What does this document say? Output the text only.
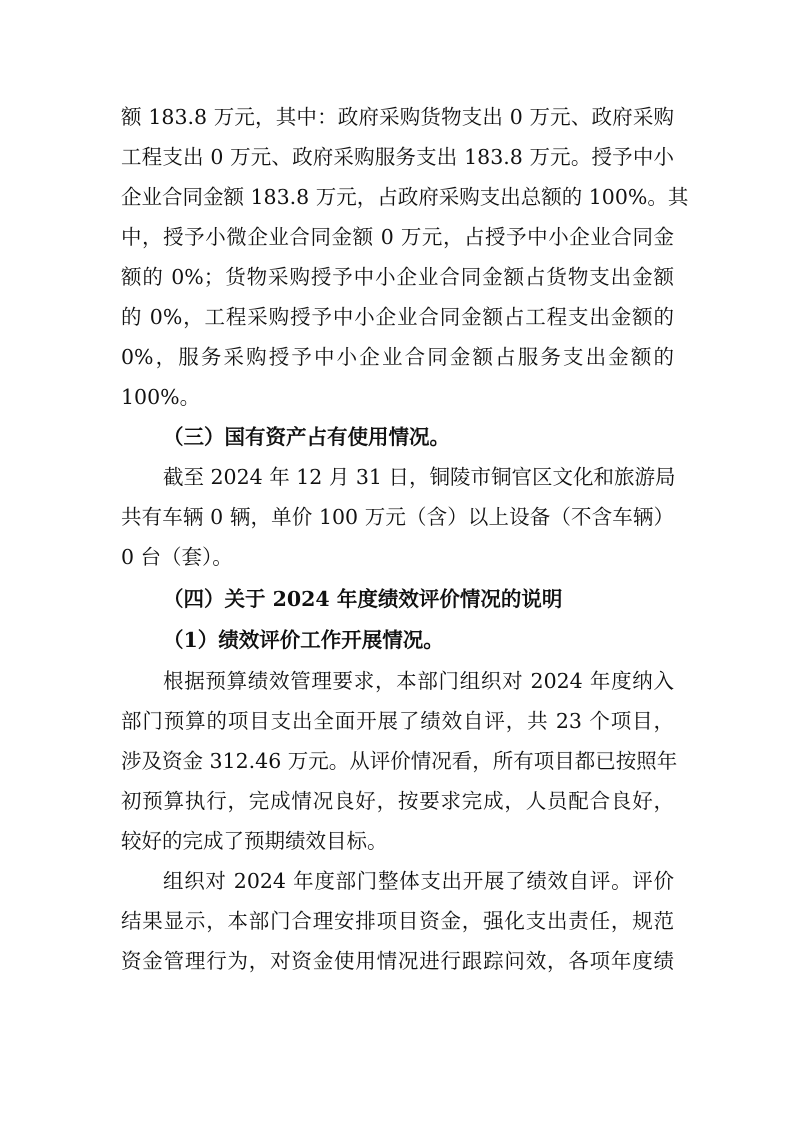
额 183.8 万元，其中：政府采购货物支出 0 万元、政府采购
工程支出 0 万元、政府采购服务支出 183.8 万元。授予中小
企业合同金额 183.8 万元，占政府采购支出总额的 100%。其
中，授予小微企业合同金额 0 万元，占授予中小企业合同金
额的 0%；货物采购授予中小企业合同金额占货物支出金额
的 0%，工程采购授予中小企业合同金额占工程支出金额的
0%，服务采购授予中小企业合同金额占服务支出金额的
100%。
（三）国有资产占有使用情况。
截至 2024 年 12 月 31 日，铜陵市铜官区文化和旅游局
共有车辆 0 辆，单价 100 万元（含）以上设备（不含车辆）
0 台（套）。
（四）关于 2024 年度绩效评价情况的说明
（1）绩效评价工作开展情况。
根据预算绩效管理要求，本部门组织对 2024 年度纳入
部门预算的项目支出全面开展了绩效自评，共 23 个项目，
涉及资金 312.46 万元。从评价情况看，所有项目都已按照年
初预算执行，完成情况良好，按要求完成，人员配合良好，
较好的完成了预期绩效目标。
组织对 2024 年度部门整体支出开展了绩效自评。评价
结果显示，本部门合理安排项目资金，强化支出责任，规范
资金管理行为，对资金使用情况进行跟踪问效，各项年度绩
